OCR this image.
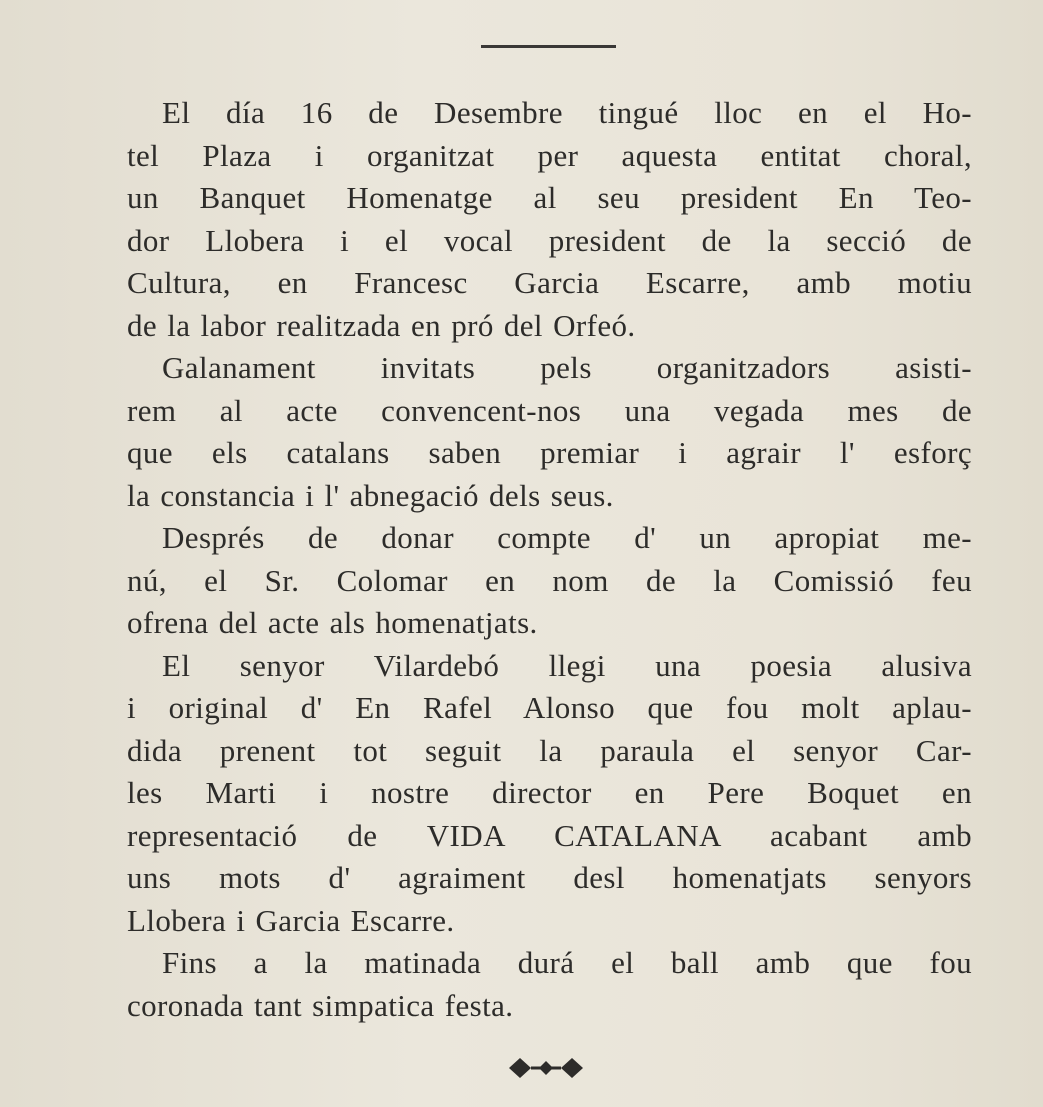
El día 16 de Desembre tingué lloc en el Ho-
tel Plaza i organitzat per aquesta entitat choral,
un Banquet Homenatge al seu president En Teo-
dor Llobera i el vocal president de la secció de
Cultura, en Francesc Garcia Escarre, amb motiu
de la labor realitzada en pró del Orfeó.

Galanament invitats pels organitzadors asisti-
rem al acte convencent-nos una vegada mes de
que els catalans saben premiar i agrair l' esforç
la constancia i l' abnegació dels seus.

Després de donar compte d' un apropiat me-
nú, el Sr. Colomar en nom de la Comissió feu
ofrena del acte als homenatjats.

El senyor Vilardebó llegi una poesia alusiva
i original d' En Rafel Alonso que fou molt aplau-
dida prenent tot seguit la paraula el senyor Car-
les Marti i nostre director en Pere Boquet en
representació de VIDA CATALANA acabant amb
uns mots d' agraiment desl homenatjats senyors
Llobera i Garcia Escarre.

Fins a la matinada durá el ball amb que fou
coronada tant simpatica festa.
